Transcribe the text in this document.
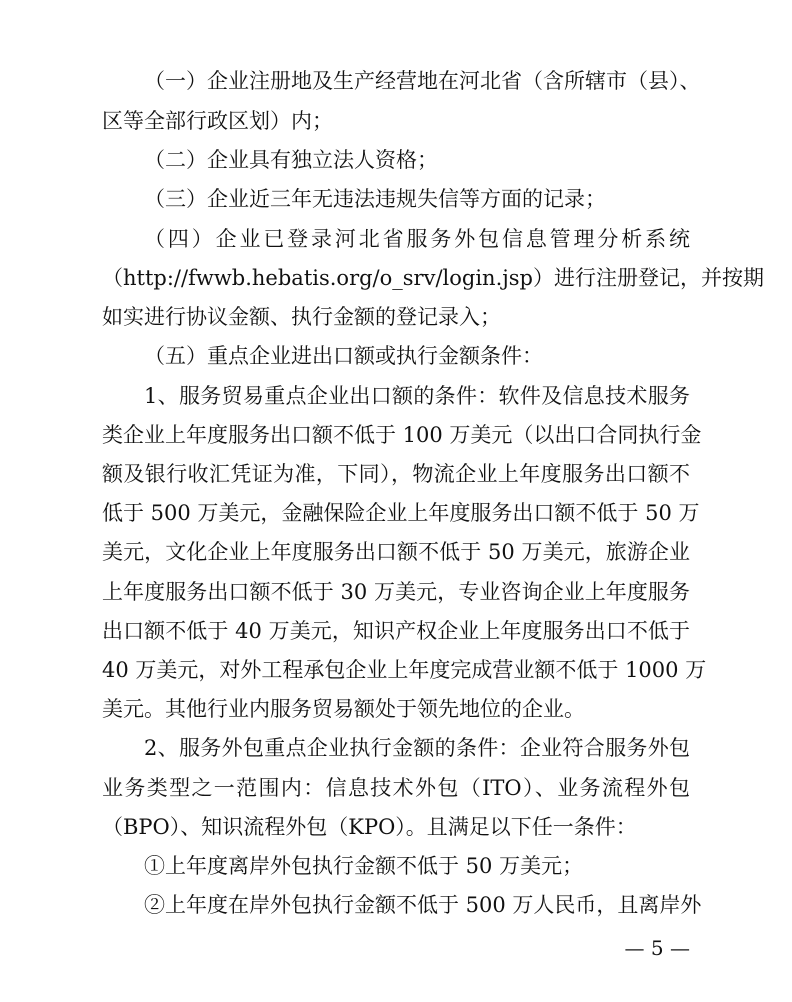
（一）企业注册地及生产经营地在河北省（含所辖市（县）、
区等全部行政区划）内；
（二）企业具有独立法人资格；
（三）企业近三年无违法违规失信等方面的记录；
（四）企业已登录河北省服务外包信息管理分析系统
（http://fwwb.hebatis.org/o_srv/login.jsp）进行注册登记，并按期
如实进行协议金额、执行金额的登记录入；
（五）重点企业进出口额或执行金额条件：
1、服务贸易重点企业出口额的条件：软件及信息技术服务
类企业上年度服务出口额不低于 100 万美元（以出口合同执行金
额及银行收汇凭证为准，下同），物流企业上年度服务出口额不
低于 500 万美元，金融保险企业上年度服务出口额不低于 50 万
美元，文化企业上年度服务出口额不低于 50 万美元，旅游企业
上年度服务出口额不低于 30 万美元，专业咨询企业上年度服务
出口额不低于 40 万美元，知识产权企业上年度服务出口不低于
40 万美元，对外工程承包企业上年度完成营业额不低于 1000 万
美元。其他行业内服务贸易额处于领先地位的企业。
2、服务外包重点企业执行金额的条件：企业符合服务外包
业务类型之一范围内：信息技术外包（ITO）、业务流程外包
（BPO）、知识流程外包（KPO）。且满足以下任一条件：
①上年度离岸外包执行金额不低于 50 万美元；
②上年度在岸外包执行金额不低于 500 万人民币，且离岸外
— 5 —
